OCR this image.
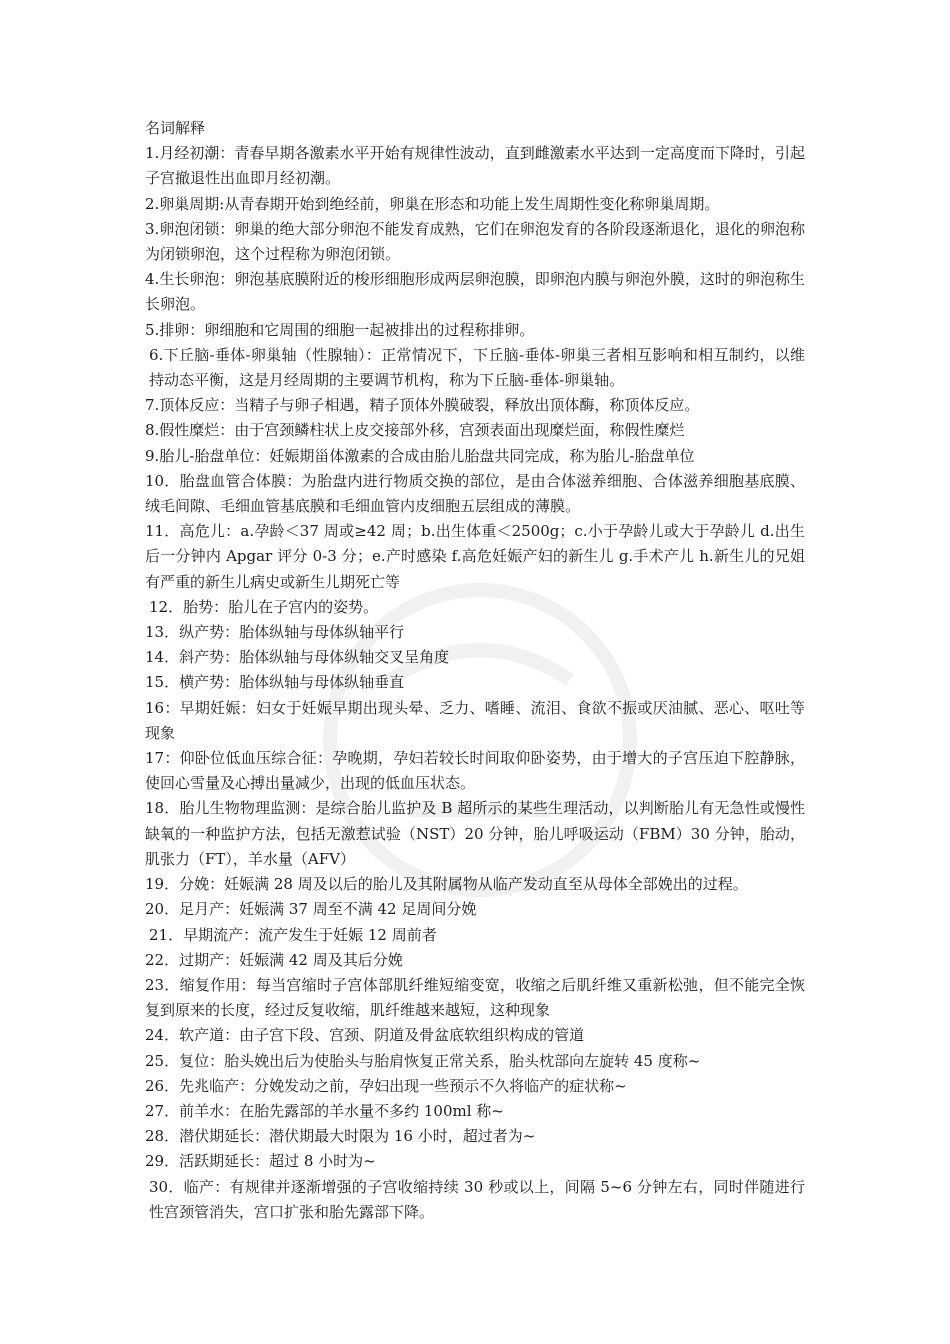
名词解释

1.月经初潮：青春早期各激素水平开始有规律性波动，直到雌激素水平达到一定高度而下降时，引起子宫撤退性出血即月经初潮。

2.卵巢周期:从青春期开始到绝经前，卵巢在形态和功能上发生周期性变化称卵巢周期。

3.卵泡闭锁：卵巢的绝大部分卵泡不能发育成熟，它们在卵泡发育的各阶段逐渐退化，退化的卵泡称为闭锁卵泡，这个过程称为卵泡闭锁。

4.生长卵泡：卵泡基底膜附近的梭形细胞形成两层卵泡膜，即卵泡内膜与卵泡外膜，这时的卵泡称生长卵泡。

5.排卵：卵细胞和它周围的细胞一起被排出的过程称排卵。

6.下丘脑-垂体-卵巢轴（性腺轴）：正常情况下，下丘脑-垂体-卵巢三者相互影响和相互制约，以维持动态平衡，这是月经周期的主要调节机构，称为下丘脑-垂体-卵巢轴。

7.顶体反应：当精子与卵子相遇，精子顶体外膜破裂，释放出顶体酶，称顶体反应。

8.假性糜烂：由于宫颈鳞柱状上皮交接部外移，宫颈表面出现糜烂面，称假性糜烂

9.胎儿-胎盘单位：妊娠期甾体激素的合成由胎儿胎盘共同完成，称为胎儿-胎盘单位

10．胎盘血管合体膜：为胎盘内进行物质交换的部位，是由合体滋养细胞、合体滋养细胞基底膜、绒毛间隙、毛细血管基底膜和毛细血管内皮细胞五层组成的薄膜。

11．高危儿：a.孕龄＜37 周或≥42 周；b.出生体重＜2500g；c.小于孕龄儿或大于孕龄儿 d.出生后一分钟内 Apgar 评分 0-3 分；e.产时感染 f.高危妊娠产妇的新生儿 g.手术产儿 h.新生儿的兄姐有严重的新生儿病史或新生儿期死亡等

12．胎势：胎儿在子宫内的姿势。

13．纵产势：胎体纵轴与母体纵轴平行

14．斜产势：胎体纵轴与母体纵轴交叉呈角度

15．横产势：胎体纵轴与母体纵轴垂直

16：早期妊娠：妇女于妊娠早期出现头晕、乏力、嗜睡、流泪、食欲不振或厌油腻、恶心、呕吐等现象

17：仰卧位低血压综合征：孕晚期，孕妇若较长时间取仰卧姿势，由于增大的子宫压迫下腔静脉，使回心雪量及心搏出量减少，出现的低血压状态。

18．胎儿生物物理监测：是综合胎儿监护及 B 超所示的某些生理活动，以判断胎儿有无急性或慢性缺氧的一种监护方法，包括无激惹试验（NST）20 分钟，胎儿呼吸运动（FBM）30 分钟，胎动，肌张力（FT），羊水量（AFV）

19．分娩：妊娠满 28 周及以后的胎儿及其附属物从临产发动直至从母体全部娩出的过程。

20．足月产：妊娠满 37 周至不满 42 足周间分娩

21．早期流产：流产发生于妊娠 12 周前者

22．过期产：妊娠满 42 周及其后分娩

23．缩复作用：每当宫缩时子宫体部肌纤维短缩变宽，收缩之后肌纤维又重新松弛，但不能完全恢复到原来的长度，经过反复收缩，肌纤维越来越短，这种现象

24．软产道：由子宫下段、宫颈、阴道及骨盆底软组织构成的管道

25．复位：胎头娩出后为使胎头与胎肩恢复正常关系，胎头枕部向左旋转 45 度称~

26．先兆临产：分娩发动之前，孕妇出现一些预示不久将临产的症状称~

27．前羊水：在胎先露部的羊水量不多约 100ml 称~

28．潜伏期延长：潜伏期最大时限为 16 小时，超过者为~

29．活跃期延长：超过 8 小时为~

30．临产：有规律并逐渐增强的子宫收缩持续 30 秒或以上，间隔 5~6 分钟左右，同时伴随进行性宫颈管消失，宫口扩张和胎先露部下降。
